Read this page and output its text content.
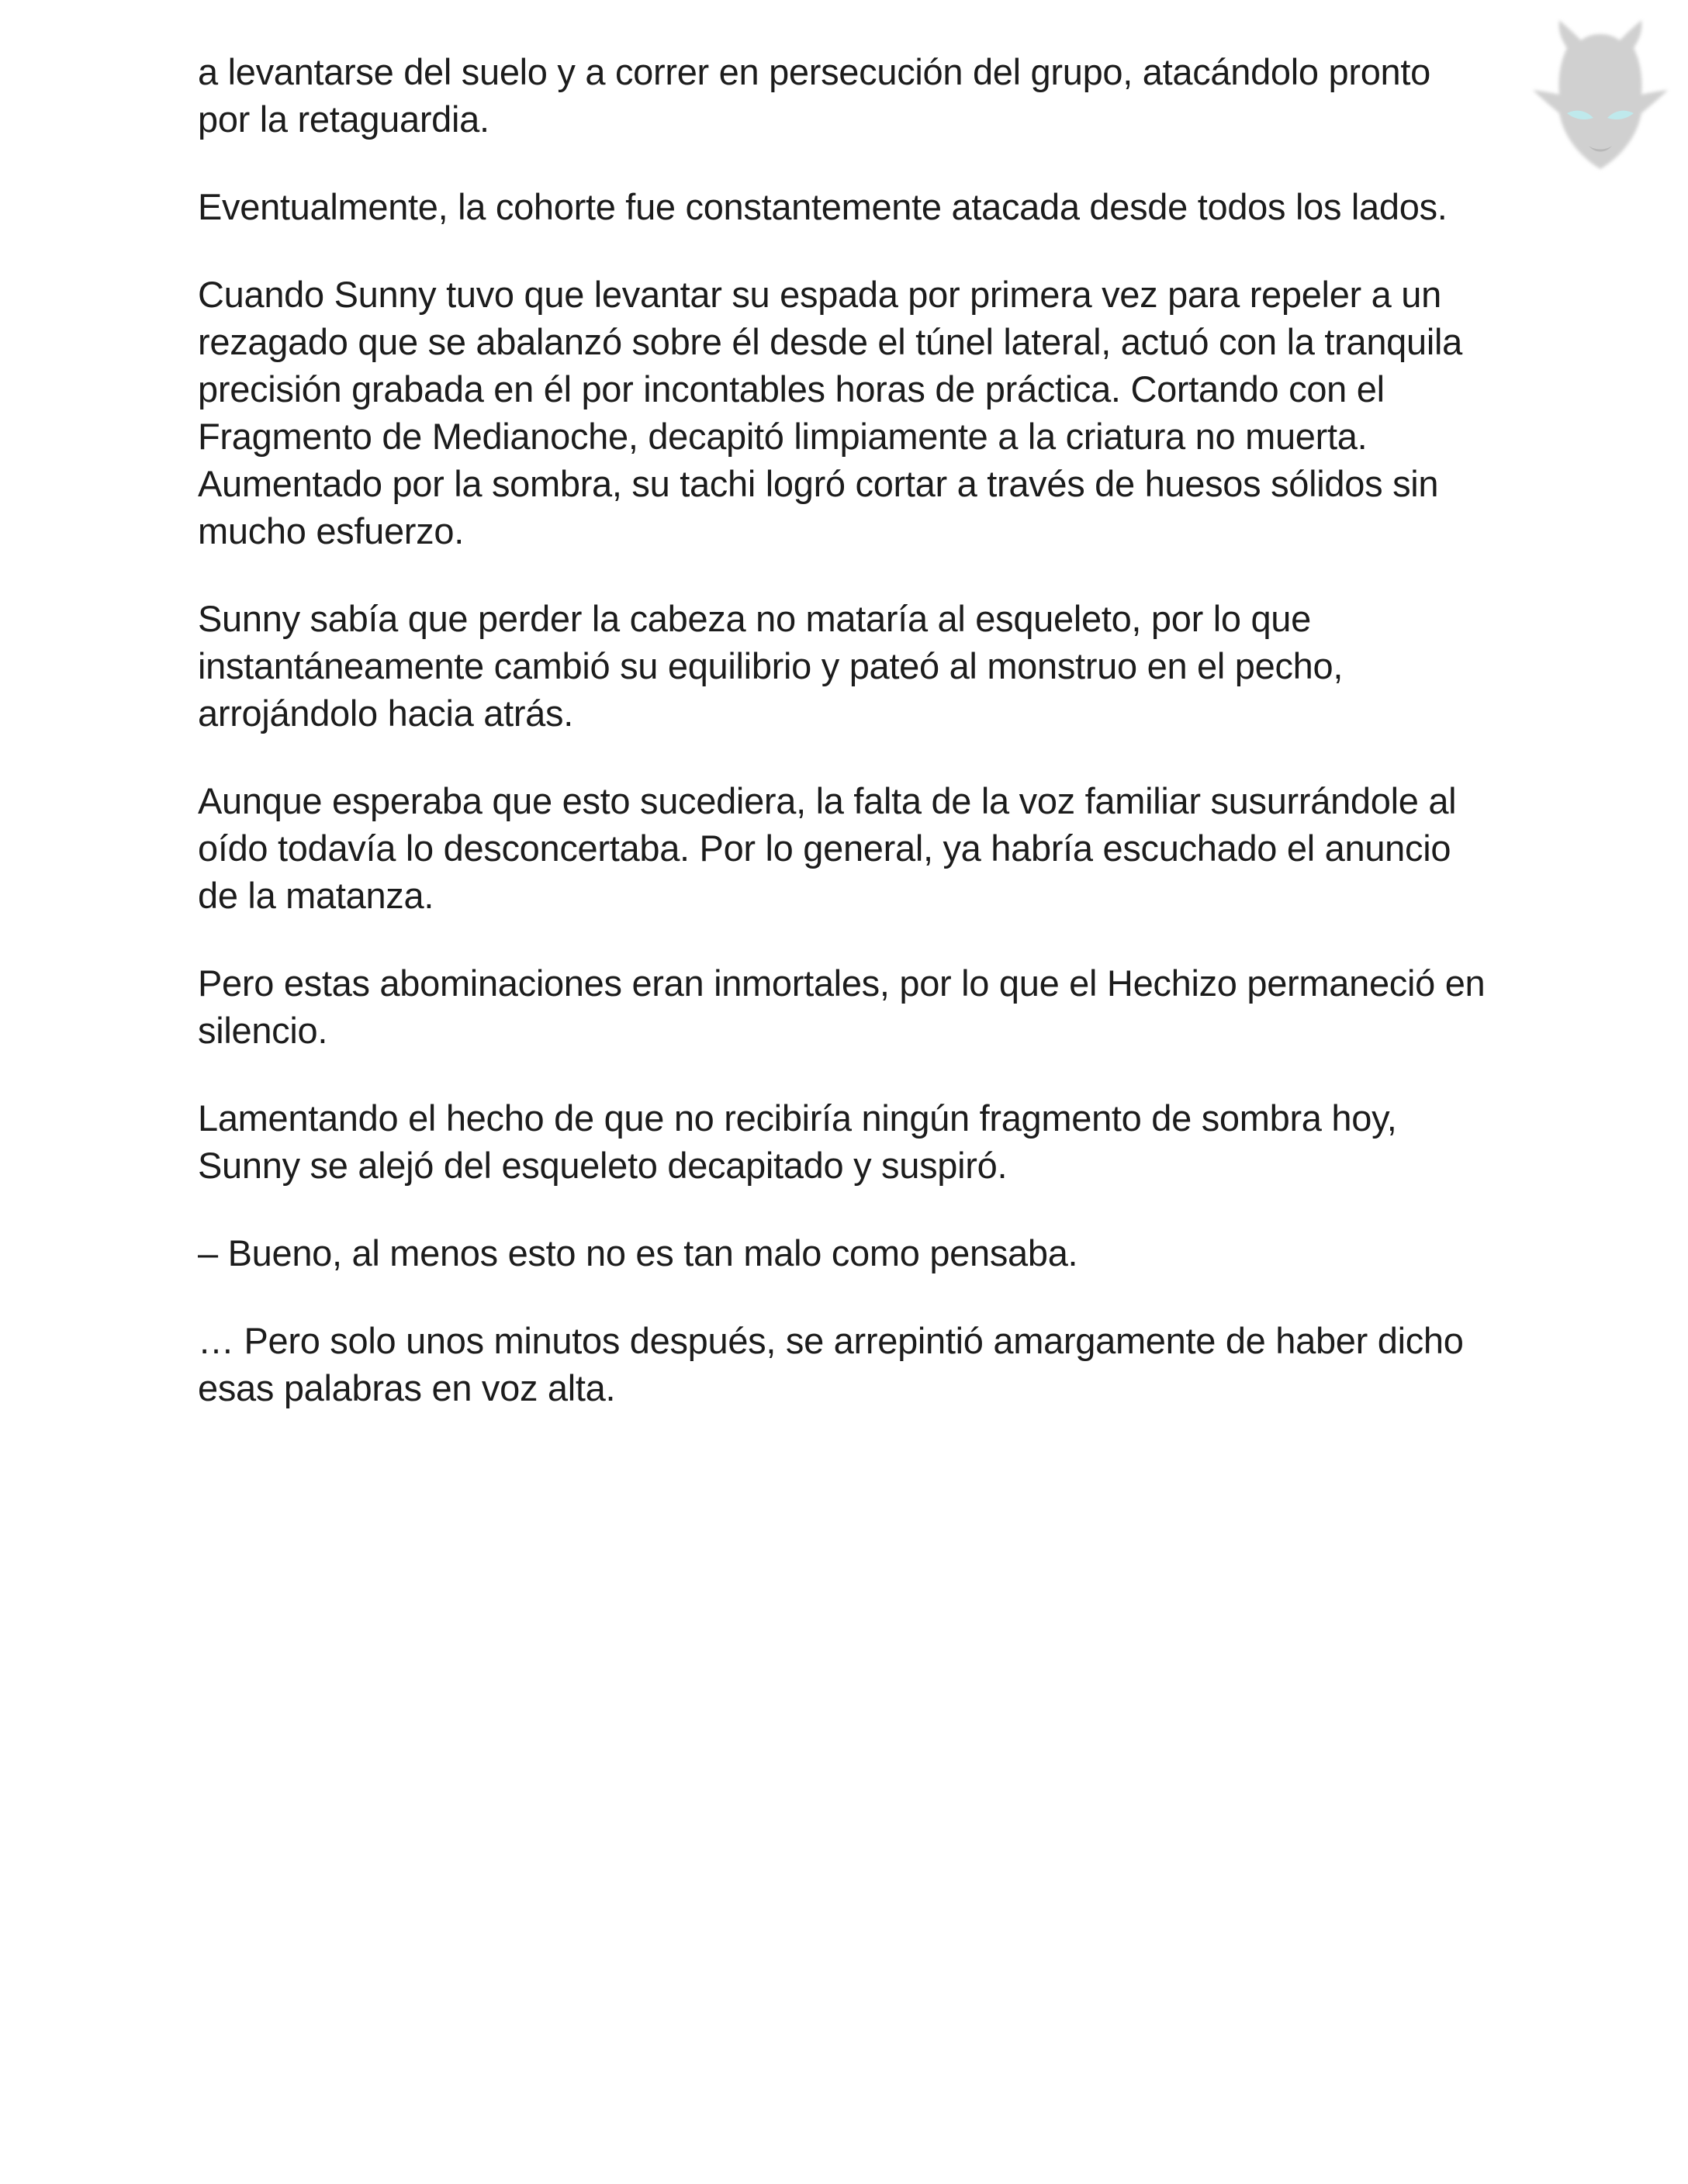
a levantarse del suelo y a correr en persecución del grupo, atacándolo pronto por la retaguardia.

Eventualmente, la cohorte fue constantemente atacada desde todos los lados.

Cuando Sunny tuvo que levantar su espada por primera vez para repeler a un rezagado que se abalanzó sobre él desde el túnel lateral, actuó con la tranquila precisión grabada en él por incontables horas de práctica. Cortando con el Fragmento de Medianoche, decapitó limpiamente a la criatura no muerta. Aumentado por la sombra, su tachi logró cortar a través de huesos sólidos sin mucho esfuerzo.

Sunny sabía que perder la cabeza no mataría al esqueleto, por lo que instantáneamente cambió su equilibrio y pateó al monstruo en el pecho, arrojándolo hacia atrás.

Aunque esperaba que esto sucediera, la falta de la voz familiar susurrándole al oído todavía lo desconcertaba. Por lo general, ya habría escuchado el anuncio de la matanza.

Pero estas abominaciones eran inmortales, por lo que el Hechizo permaneció en silencio.

Lamentando el hecho de que no recibiría ningún fragmento de sombra hoy, Sunny se alejó del esqueleto decapitado y suspiró.

– Bueno, al menos esto no es tan malo como pensaba.

… Pero solo unos minutos después, se arrepintió amargamente de haber dicho esas palabras en voz alta.
